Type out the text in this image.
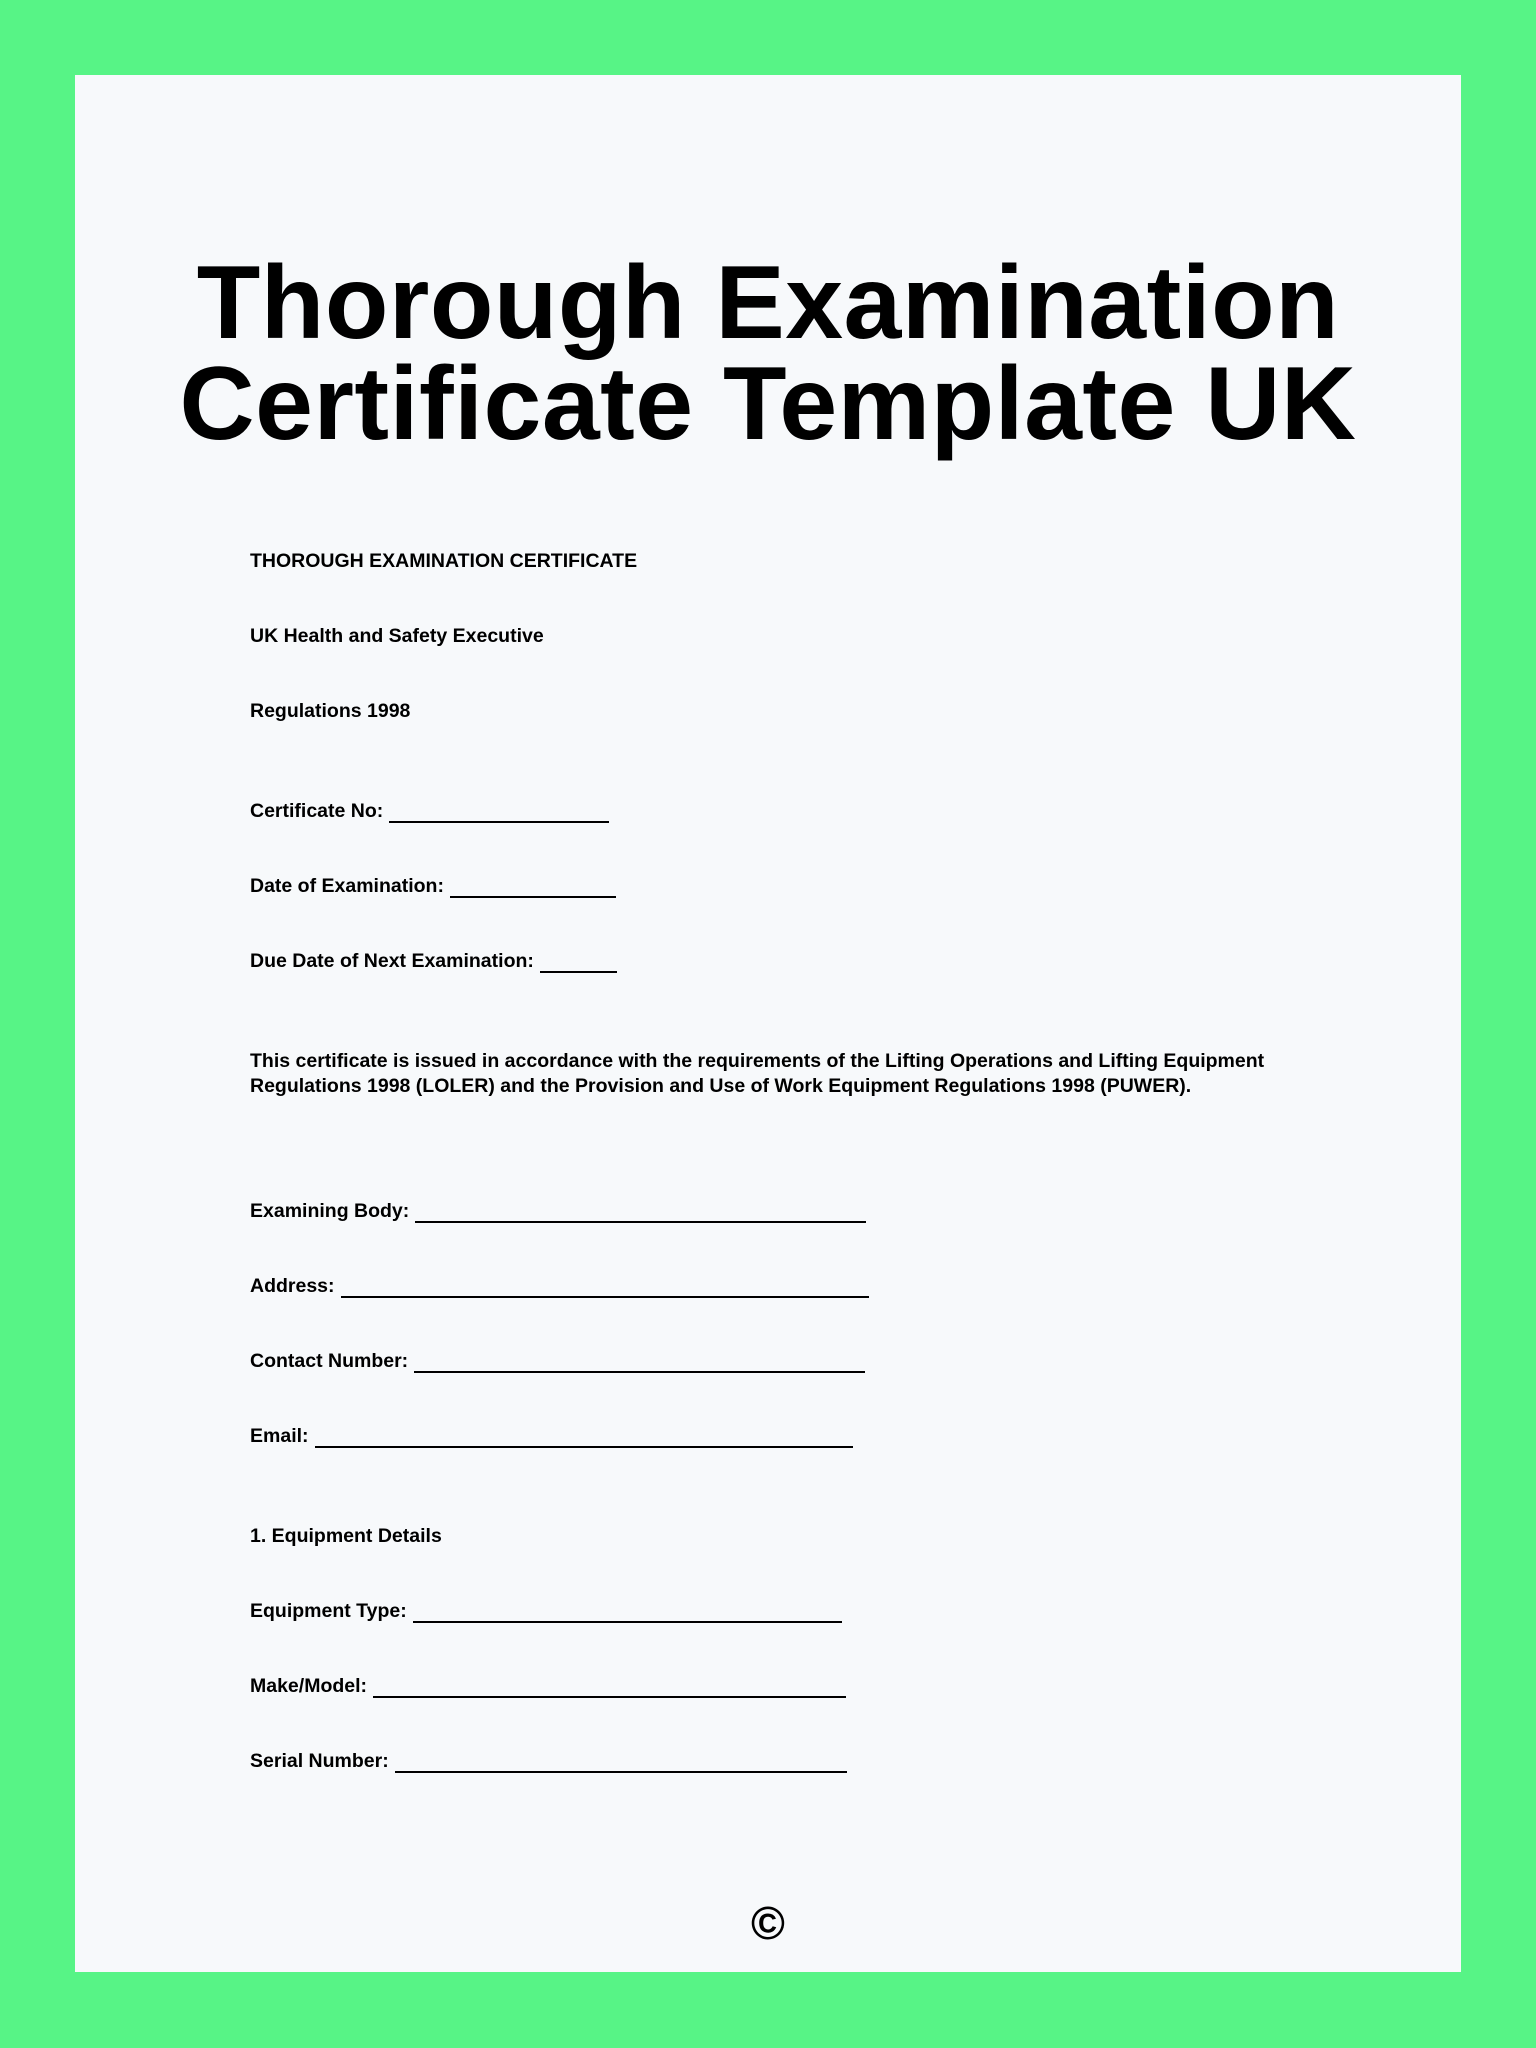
Thorough Examination
Certificate Template UK
THOROUGH EXAMINATION CERTIFICATE
UK Health and Safety Executive
Regulations 1998
Certificate No:
Date of Examination:
Due Date of Next Examination:

This certificate is issued in accordance with the requirements of the Lifting Operations and Lifting Equipment Regulations 1998 (LOLER) and the Provision and Use of Work Equipment Regulations 1998 (PUWER).

Examining Body:
Address:
Contact Number:
Email:
1. Equipment Details
Equipment Type:
Make/Model:
Serial Number:
©
